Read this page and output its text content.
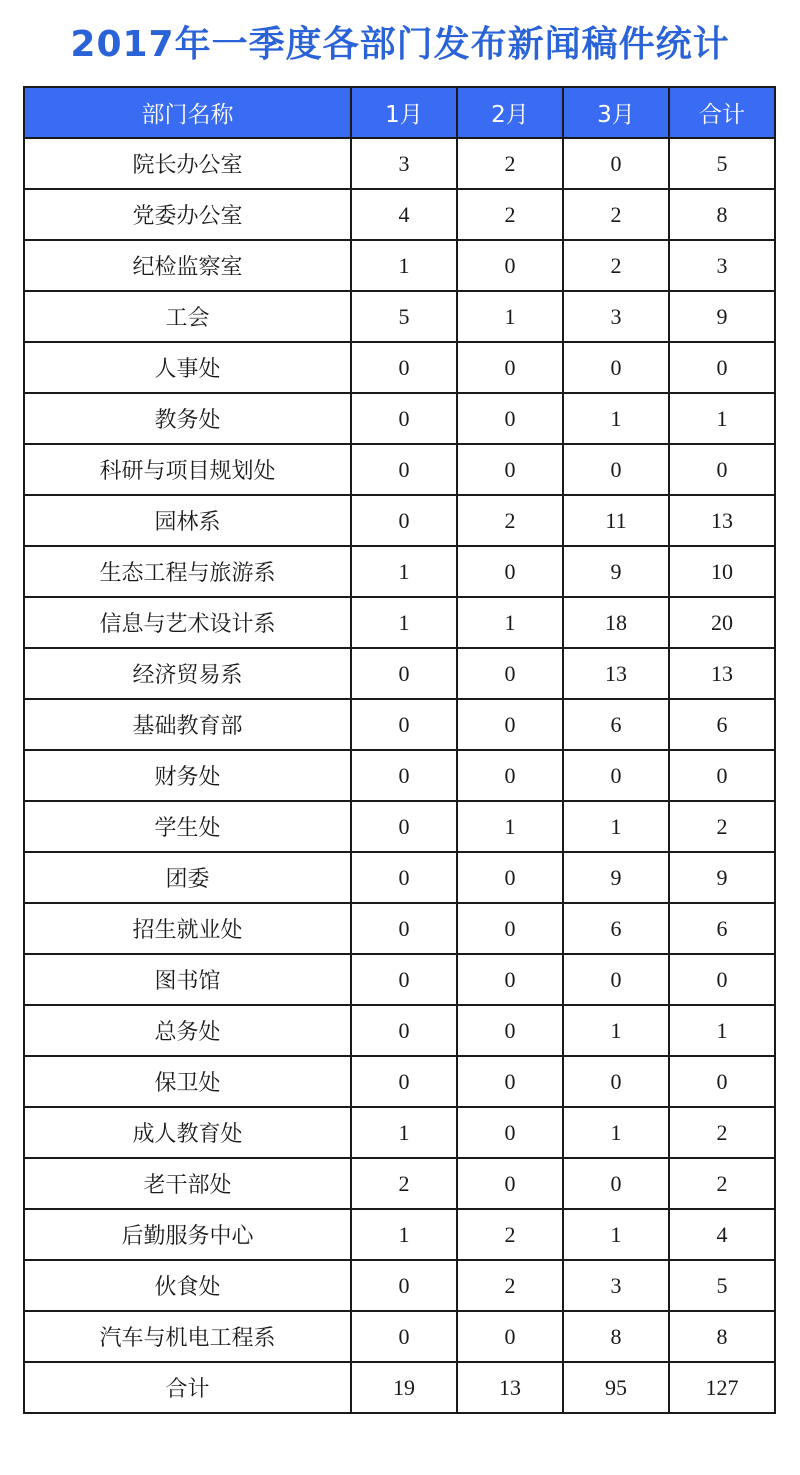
2017年一季度各部门发布新闻稿件统计
部门名称	1月	2月	3月	合计
院长办公室	3	2	0	5
党委办公室	4	2	2	8
纪检监察室	1	0	2	3
工会	5	1	3	9
人事处	0	0	0	0
教务处	0	0	1	1
科研与项目规划处	0	0	0	0
园林系	0	2	11	13
生态工程与旅游系	1	0	9	10
信息与艺术设计系	1	1	18	20
经济贸易系	0	0	13	13
基础教育部	0	0	6	6
财务处	0	0	0	0
学生处	0	1	1	2
团委	0	0	9	9
招生就业处	0	0	6	6
图书馆	0	0	0	0
总务处	0	0	1	1
保卫处	0	0	0	0
成人教育处	1	0	1	2
老干部处	2	0	0	2
后勤服务中心	1	2	1	4
伙食处	0	2	3	5
汽车与机电工程系	0	0	8	8
合计	19	13	95	127
